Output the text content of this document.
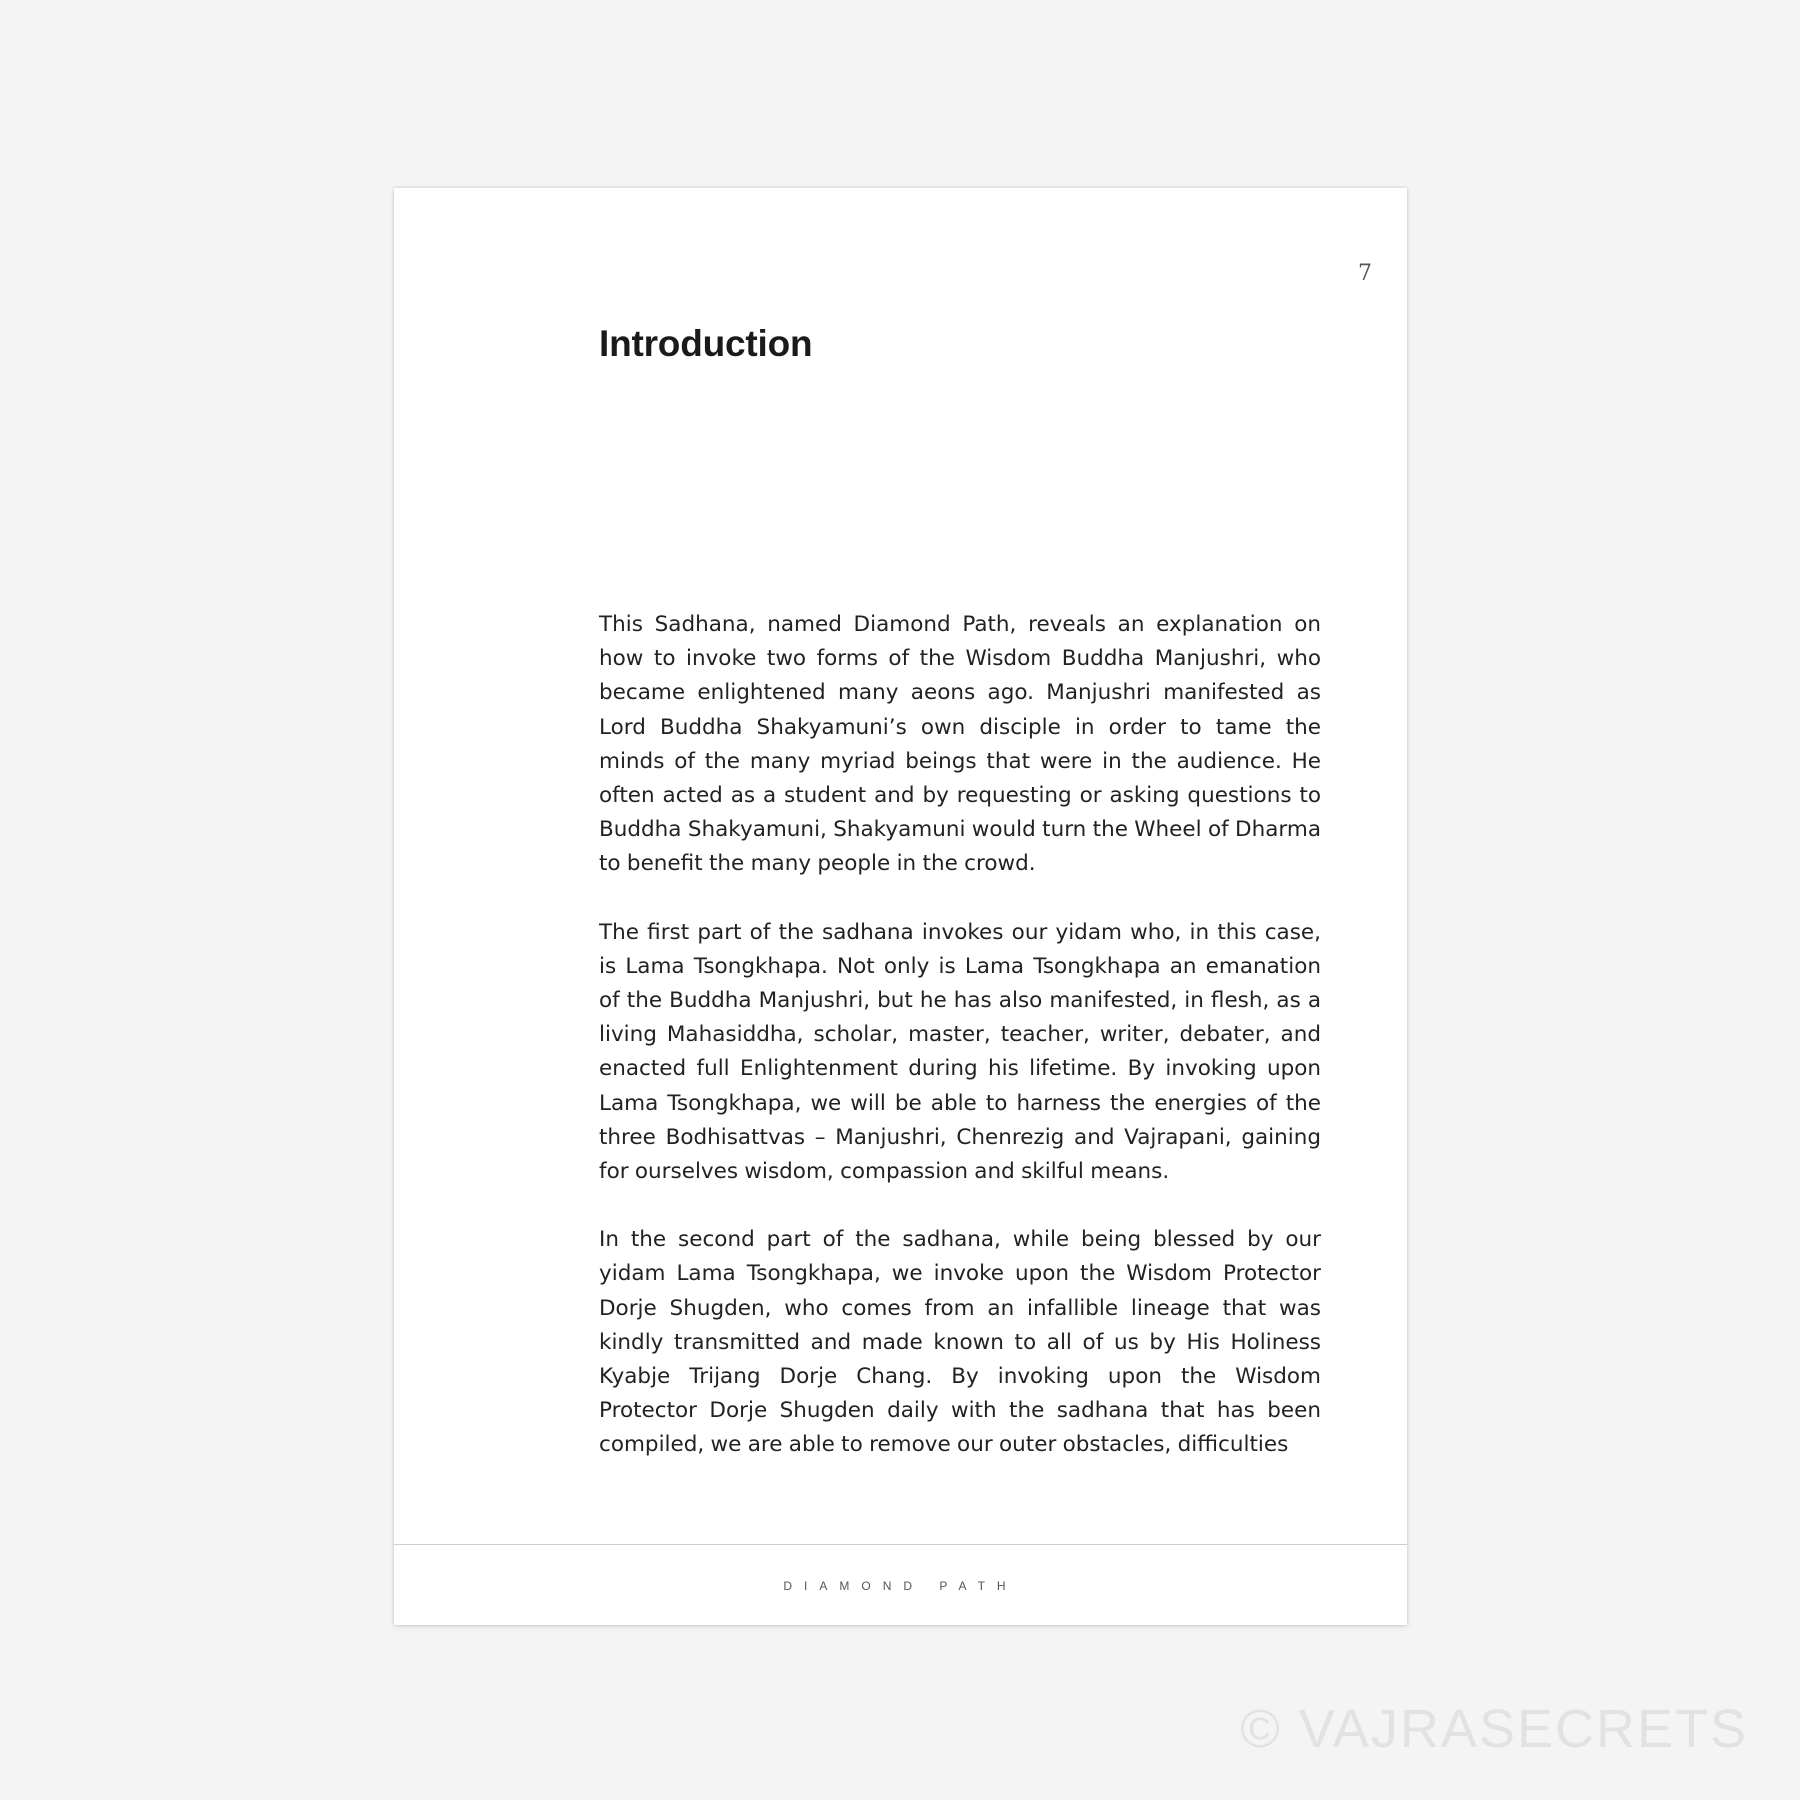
7
Introduction

This Sadhana, named Diamond Path, reveals an explanation on how to invoke two forms of the Wisdom Buddha Manjushri, who became enlightened many aeons ago. Manjushri manifested as Lord Buddha Shakyamuni’s own disciple in order to tame the minds of the many myriad beings that were in the audience. He often acted as a student and by requesting or asking questions to Buddha Shakyamuni, Shakyamuni would turn the Wheel of Dharma to benefit the many people in the crowd.

The first part of the sadhana invokes our yidam who, in this case, is Lama Tsongkhapa. Not only is Lama Tsongkhapa an emanation of the Buddha Manjushri, but he has also manifested, in flesh, as a living Mahasiddha, scholar, master, teacher, writer, debater, and enacted full Enlightenment during his lifetime. By invoking upon Lama Tsongkhapa, we will be able to harness the energies of the three Bodhisattvas – Manjushri, Chenrezig and Vajrapani, gaining for ourselves wisdom, compassion and skilful means.

In the second part of the sadhana, while being blessed by our yidam Lama Tsongkhapa, we invoke upon the Wisdom Protector Dorje Shugden, who comes from an infallible lineage that was kindly transmitted and made known to all of us by His Holiness Kyabje Trijang Dorje Chang. By invoking upon the Wisdom Protector Dorje Shugden daily with the sadhana that has been compiled, we are able to remove our outer obstacles, difficulties

DIAMOND PATH
© VAJRASECRETS
